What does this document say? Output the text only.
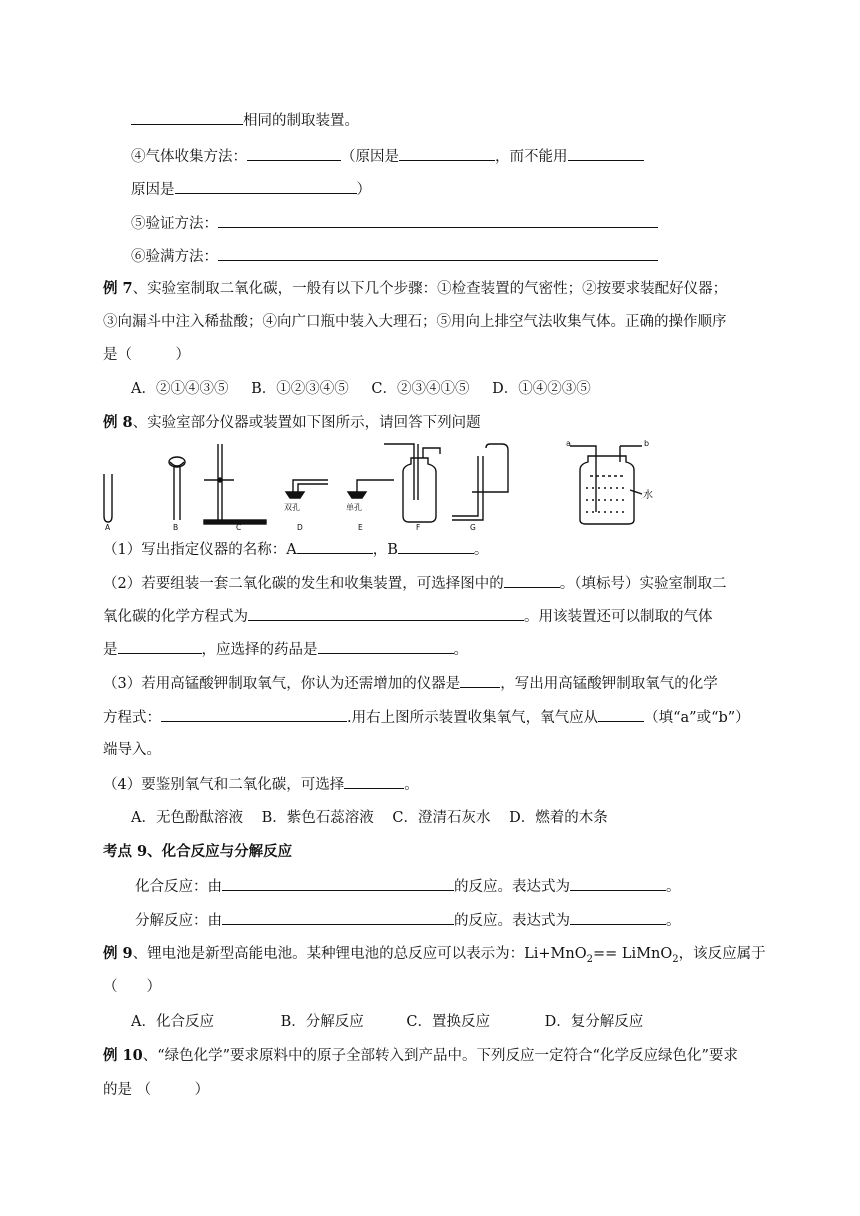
相同的制取装置。
④气体收集方法：	（原因是	，而不能用
原因是	）
⑤验证方法：
⑥验满方法：
例 7、实验室制取二氧化碳，一般有以下几个步骤：①检查装置的气密性；②按要求装配好仪器；
③向漏斗中注入稀盐酸；④向广口瓶中装入大理石；⑤用向上排空气法收集气体。正确的操作顺序
是（　　　）
A．②①④③⑤ B．①②③④⑤ C．②③④①⑤ D．①④②③⑤
例 8、实验室部分仪器或装置如下图所示，请回答下列问题
A	B	C	D	E	F	G
双孔	单孔
a	b
水
（1）写出指定仪器的名称：A	，B	。
（2）若要组装一套二氧化碳的发生和收集装置，可选择图中的	。（填标号）实验室制取二
氧化碳的化学方程式为	。用该装置还可以制取的气体
是	，应选择的药品是	。
（3）若用高锰酸钾制取氧气，你认为还需增加的仪器是	，写出用高锰酸钾制取氧气的化学
方程式：	.用右上图所示装置收集氧气，氧气应从	（填“a”或“b”）
端导入。
（4）要鉴别氧气和二氧化碳，可选择	。
A．无色酚酞溶液 B．紫色石蕊溶液 C．澄清石灰水 D．燃着的木条
考点 9、化合反应与分解反应
化合反应：由	的反应。表达式为	。
分解反应：由	的反应。表达式为	。
例 9、锂电池是新型高能电池。某种锂电池的总反应可以表示为：Li+MnO$_2$== LiMnO$_2$，该反应属于
（　　）
A．化合反应	B．分解反应	C．置换反应	D．复分解反应
例 10、“绿色化学”要求原料中的原子全部转入到产品中。下列反应一定符合“化学反应绿色化”要求
的是 （　　　）
